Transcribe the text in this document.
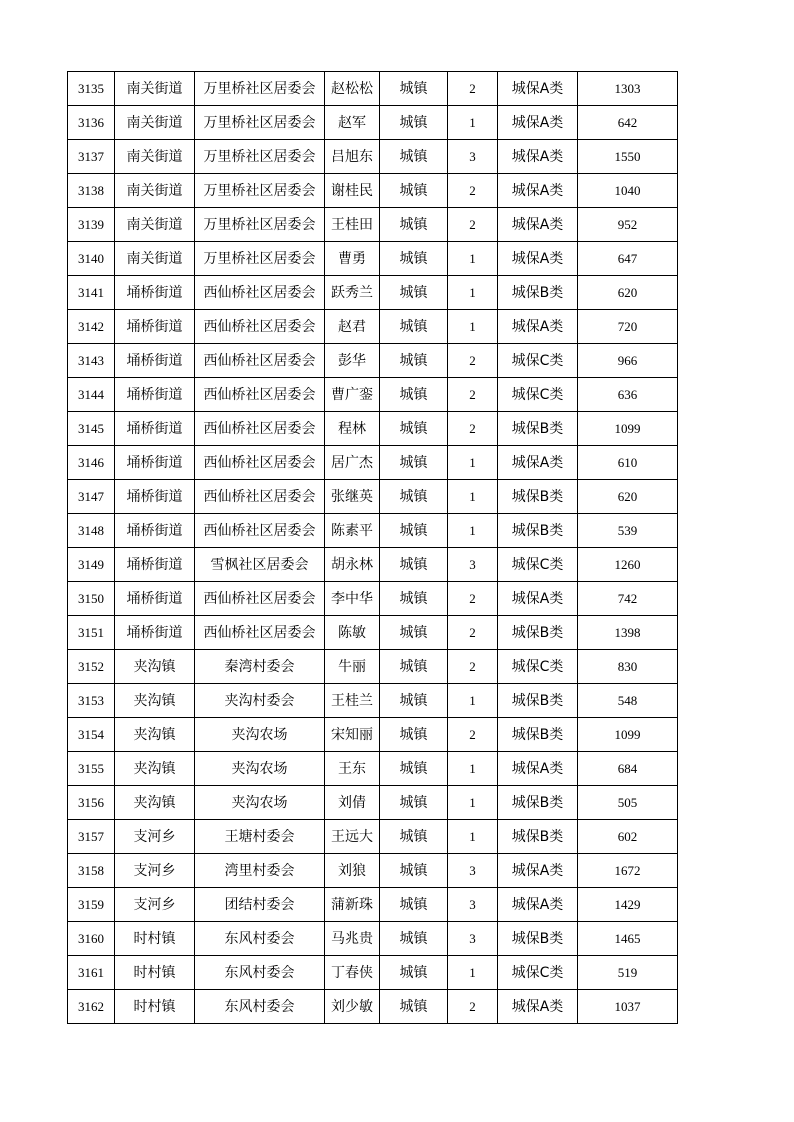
3135	南关街道	万里桥社区居委会	赵松松	城镇	2	城保A类	1303
3136	南关街道	万里桥社区居委会	赵军	城镇	1	城保A类	642
3137	南关街道	万里桥社区居委会	吕旭东	城镇	3	城保A类	1550
3138	南关街道	万里桥社区居委会	谢桂民	城镇	2	城保A类	1040
3139	南关街道	万里桥社区居委会	王桂田	城镇	2	城保A类	952
3140	南关街道	万里桥社区居委会	曹勇	城镇	1	城保A类	647
3141	埇桥街道	西仙桥社区居委会	跃秀兰	城镇	1	城保B类	620
3142	埇桥街道	西仙桥社区居委会	赵君	城镇	1	城保A类	720
3143	埇桥街道	西仙桥社区居委会	彭华	城镇	2	城保C类	966
3144	埇桥街道	西仙桥社区居委会	曹广銮	城镇	2	城保C类	636
3145	埇桥街道	西仙桥社区居委会	程林	城镇	2	城保B类	1099
3146	埇桥街道	西仙桥社区居委会	居广杰	城镇	1	城保A类	610
3147	埇桥街道	西仙桥社区居委会	张继英	城镇	1	城保B类	620
3148	埇桥街道	西仙桥社区居委会	陈素平	城镇	1	城保B类	539
3149	埇桥街道	雪枫社区居委会	胡永林	城镇	3	城保C类	1260
3150	埇桥街道	西仙桥社区居委会	李中华	城镇	2	城保A类	742
3151	埇桥街道	西仙桥社区居委会	陈敏	城镇	2	城保B类	1398
3152	夹沟镇	秦湾村委会	牛丽	城镇	2	城保C类	830
3153	夹沟镇	夹沟村委会	王桂兰	城镇	1	城保B类	548
3154	夹沟镇	夹沟农场	宋知丽	城镇	2	城保B类	1099
3155	夹沟镇	夹沟农场	王东	城镇	1	城保A类	684
3156	夹沟镇	夹沟农场	刘倩	城镇	1	城保B类	505
3157	支河乡	王塘村委会	王远大	城镇	1	城保B类	602
3158	支河乡	湾里村委会	刘狼	城镇	3	城保A类	1672
3159	支河乡	团结村委会	蒲新珠	城镇	3	城保A类	1429
3160	时村镇	东风村委会	马兆贵	城镇	3	城保B类	1465
3161	时村镇	东风村委会	丁春侠	城镇	1	城保C类	519
3162	时村镇	东风村委会	刘少敏	城镇	2	城保A类	1037
